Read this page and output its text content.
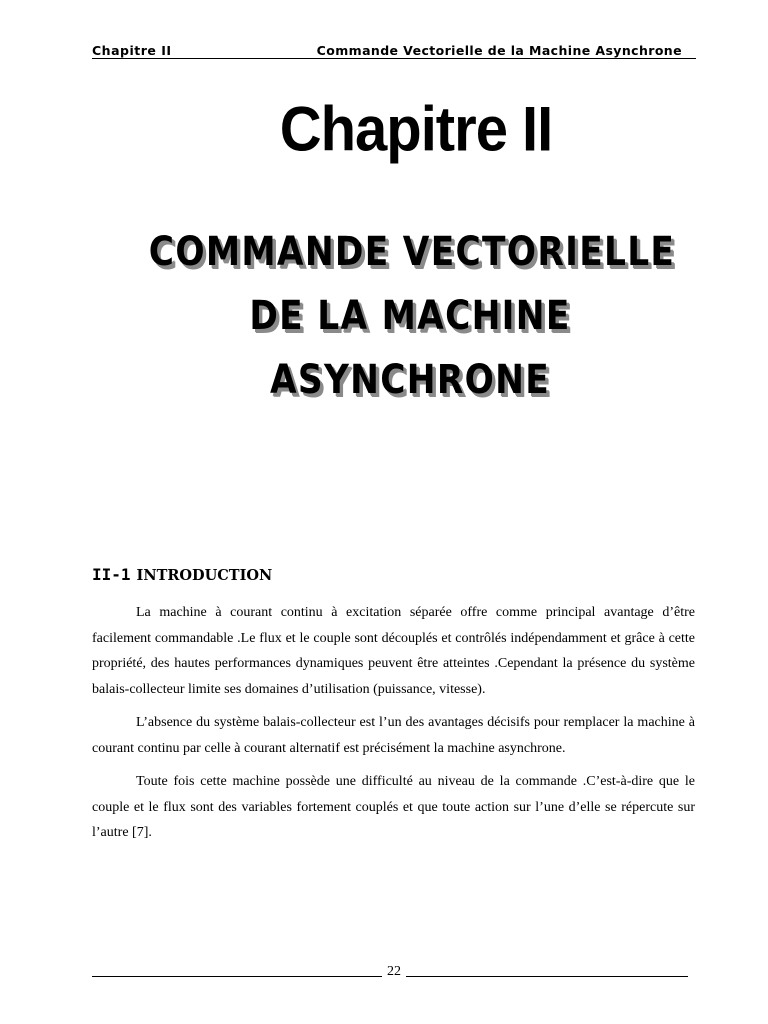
Chapitre II	Commande Vectorielle de la Machine Asynchrone
Chapitre II
COMMANDE VECTORIELLE
DE LA MACHINE
ASYNCHRONE
II-1 INTRODUCTION

La machine à courant continu à excitation séparée offre comme principal avantage d’être facilement commandable .Le flux et le couple sont découplés et contrôlés indépendamment et grâce à cette propriété, des hautes performances dynamiques peuvent être atteintes .Cependant la présence du système balais-collecteur limite ses domaines d’utilisation (puissance, vitesse).

L’absence du système balais-collecteur est l’un des avantages décisifs pour remplacer la machine à courant continu par celle à courant alternatif est précisément la machine asynchrone.

Toute fois cette machine possède une difficulté au niveau de la commande .C’est-à-dire que le couple et le flux sont des variables fortement couplés et que toute action sur l’une d’elle se répercute sur l’autre [7].

22
